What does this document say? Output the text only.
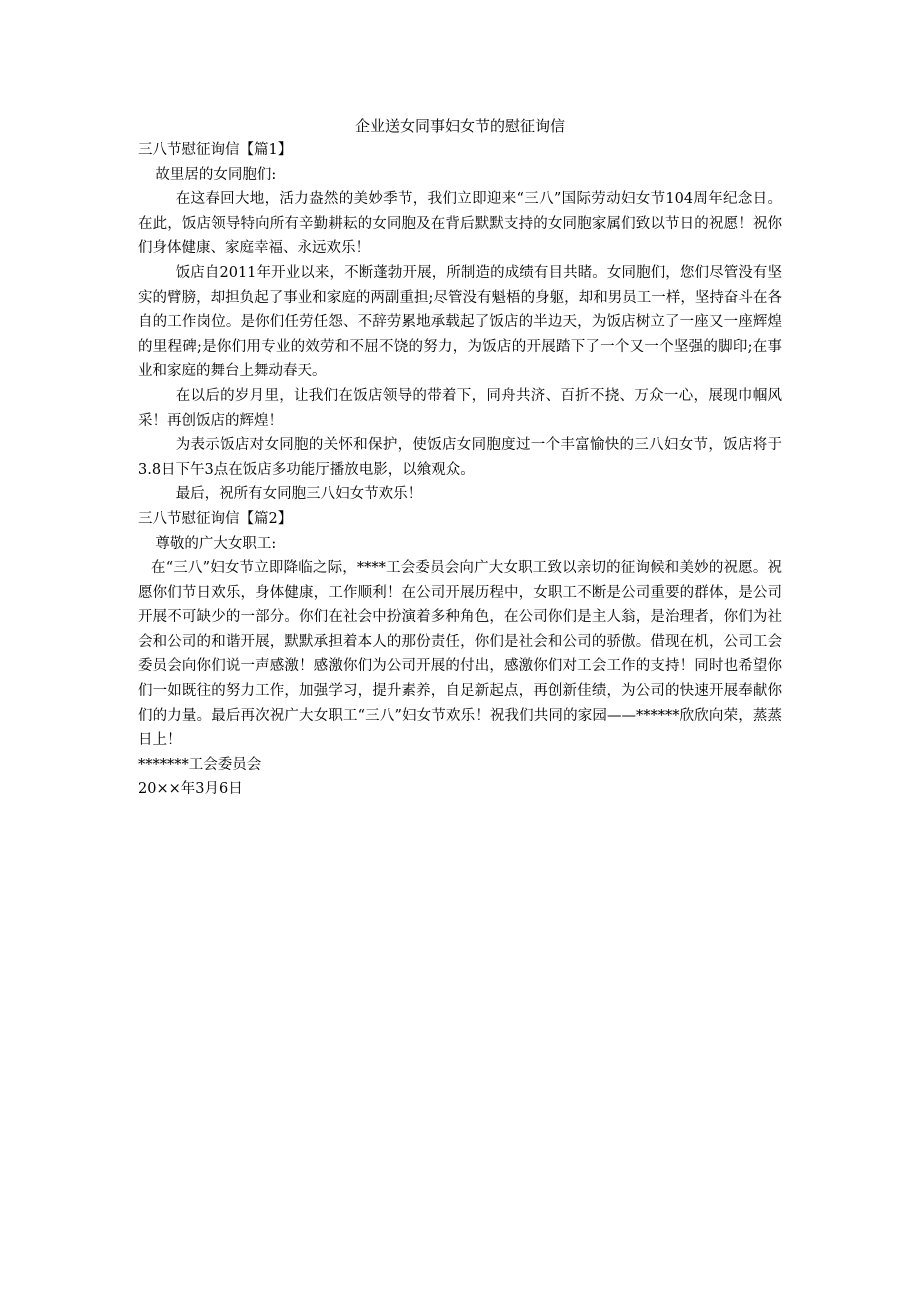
企业送女同事妇女节的慰征询信

三八节慰征询信【篇1】

故里居的女同胞们:

在这春回大地，活力盎然的美妙季节，我们立即迎来“三八”国际劳动妇女节104周年纪念日。在此，饭店领导特向所有辛勤耕耘的女同胞及在背后默默支持的女同胞家属们致以节日的祝愿！祝你们身体健康、家庭幸福、永远欢乐！

饭店自2011年开业以来，不断蓬勃开展，所制造的成绩有目共睹。女同胞们，您们尽管没有坚实的臂膀，却担负起了事业和家庭的两副重担;尽管没有魁梧的身躯，却和男员工一样，坚持奋斗在各自的工作岗位。是你们任劳任怨、不辞劳累地承载起了饭店的半边天，为饭店树立了一座又一座辉煌的里程碑;是你们用专业的效劳和不屈不饶的努力，为饭店的开展踏下了一个又一个坚强的脚印;在事业和家庭的舞台上舞动春天。

在以后的岁月里，让我们在饭店领导的带着下，同舟共济、百折不挠、万众一心，展现巾帼风采！再创饭店的辉煌！

为表示饭店对女同胞的关怀和保护，使饭店女同胞度过一个丰富愉快的三八妇女节，饭店将于3.8日下午3点在饭店多功能厅播放电影，以飨观众。

最后，祝所有女同胞三八妇女节欢乐！

三八节慰征询信【篇2】

尊敬的广大女职工:

在“三八”妇女节立即降临之际，****工会委员会向广大女职工致以亲切的征询候和美妙的祝愿。祝愿你们节日欢乐，身体健康，工作顺利！在公司开展历程中，女职工不断是公司重要的群体，是公司开展不可缺少的一部分。你们在社会中扮演着多种角色，在公司你们是主人翁，是治理者，你们为社会和公司的和谐开展，默默承担着本人的那份责任，你们是社会和公司的骄傲。借现在机，公司工会委员会向你们说一声感激！感激你们为公司开展的付出，感激你们对工会工作的支持！同时也希望你们一如既往的努力工作，加强学习，提升素养，自足新起点，再创新佳绩，为公司的快速开展奉献你们的力量。最后再次祝广大女职工“三八”妇女节欢乐！祝我们共同的家园——******欣欣向荣，蒸蒸日上！

*******工会委员会

20××年3月6日
